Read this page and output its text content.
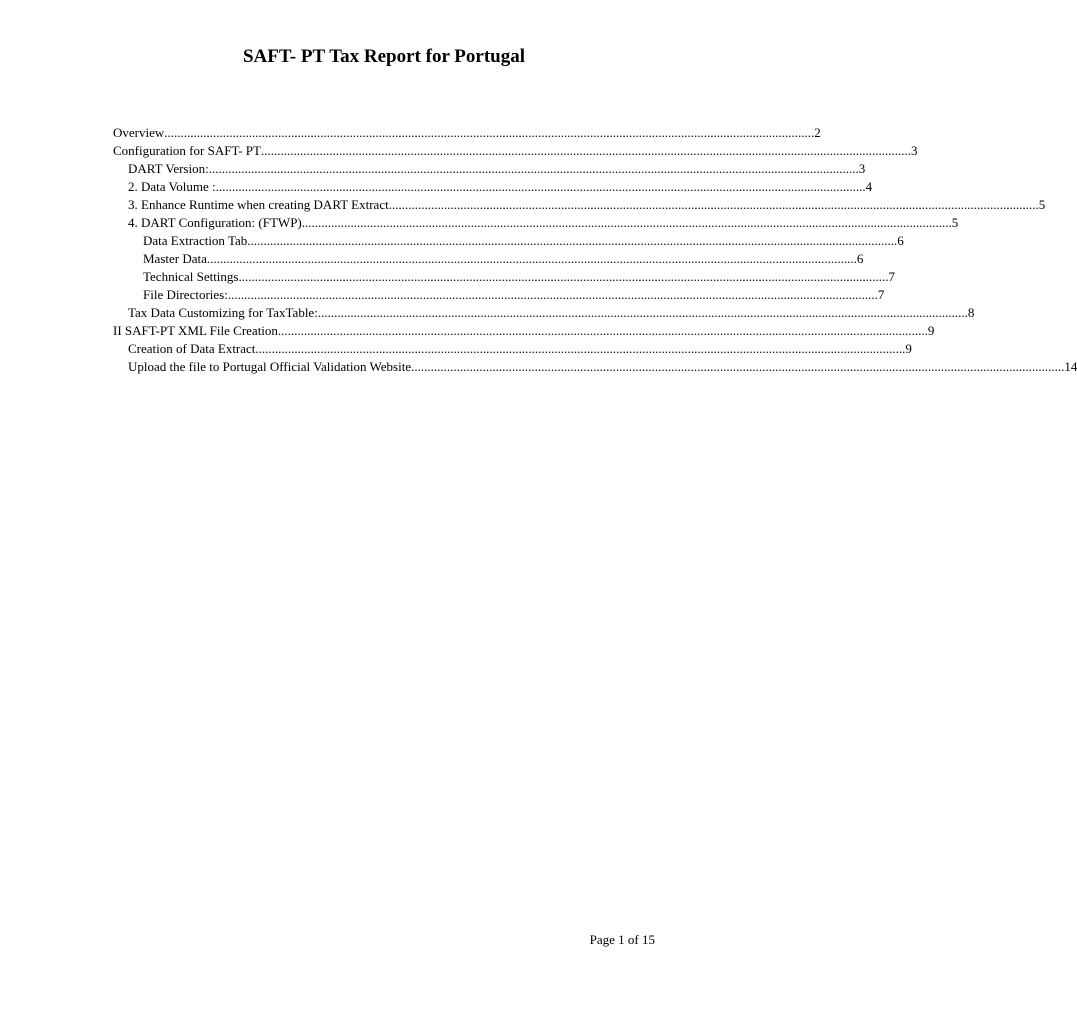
SAFT- PT Tax Report for Portugal
Overview ........................................................................................................................................................................................................ 2
Configuration for SAFT- PT ........................................................................................................................................................................................................ 3
DART Version: ........................................................................................................................................................................................................ 3
2. Data Volume : ........................................................................................................................................................................................................ 4
3. Enhance Runtime when creating DART Extract ........................................................................................................................................................................................................ 5
4. DART Configuration: (FTWP) ........................................................................................................................................................................................................ 5
Data Extraction Tab ........................................................................................................................................................................................................ 6
Master Data ........................................................................................................................................................................................................ 6
Technical Settings ........................................................................................................................................................................................................ 7
File Directories: ........................................................................................................................................................................................................ 7
Tax Data Customizing for TaxTable: ........................................................................................................................................................................................................ 8
II SAFT-PT XML File Creation ........................................................................................................................................................................................................ 9
Creation of Data Extract ........................................................................................................................................................................................................ 9
Upload the file to Portugal Official Validation Website. ........................................................................................................................................................................................................ 14
Page 1 of 15
